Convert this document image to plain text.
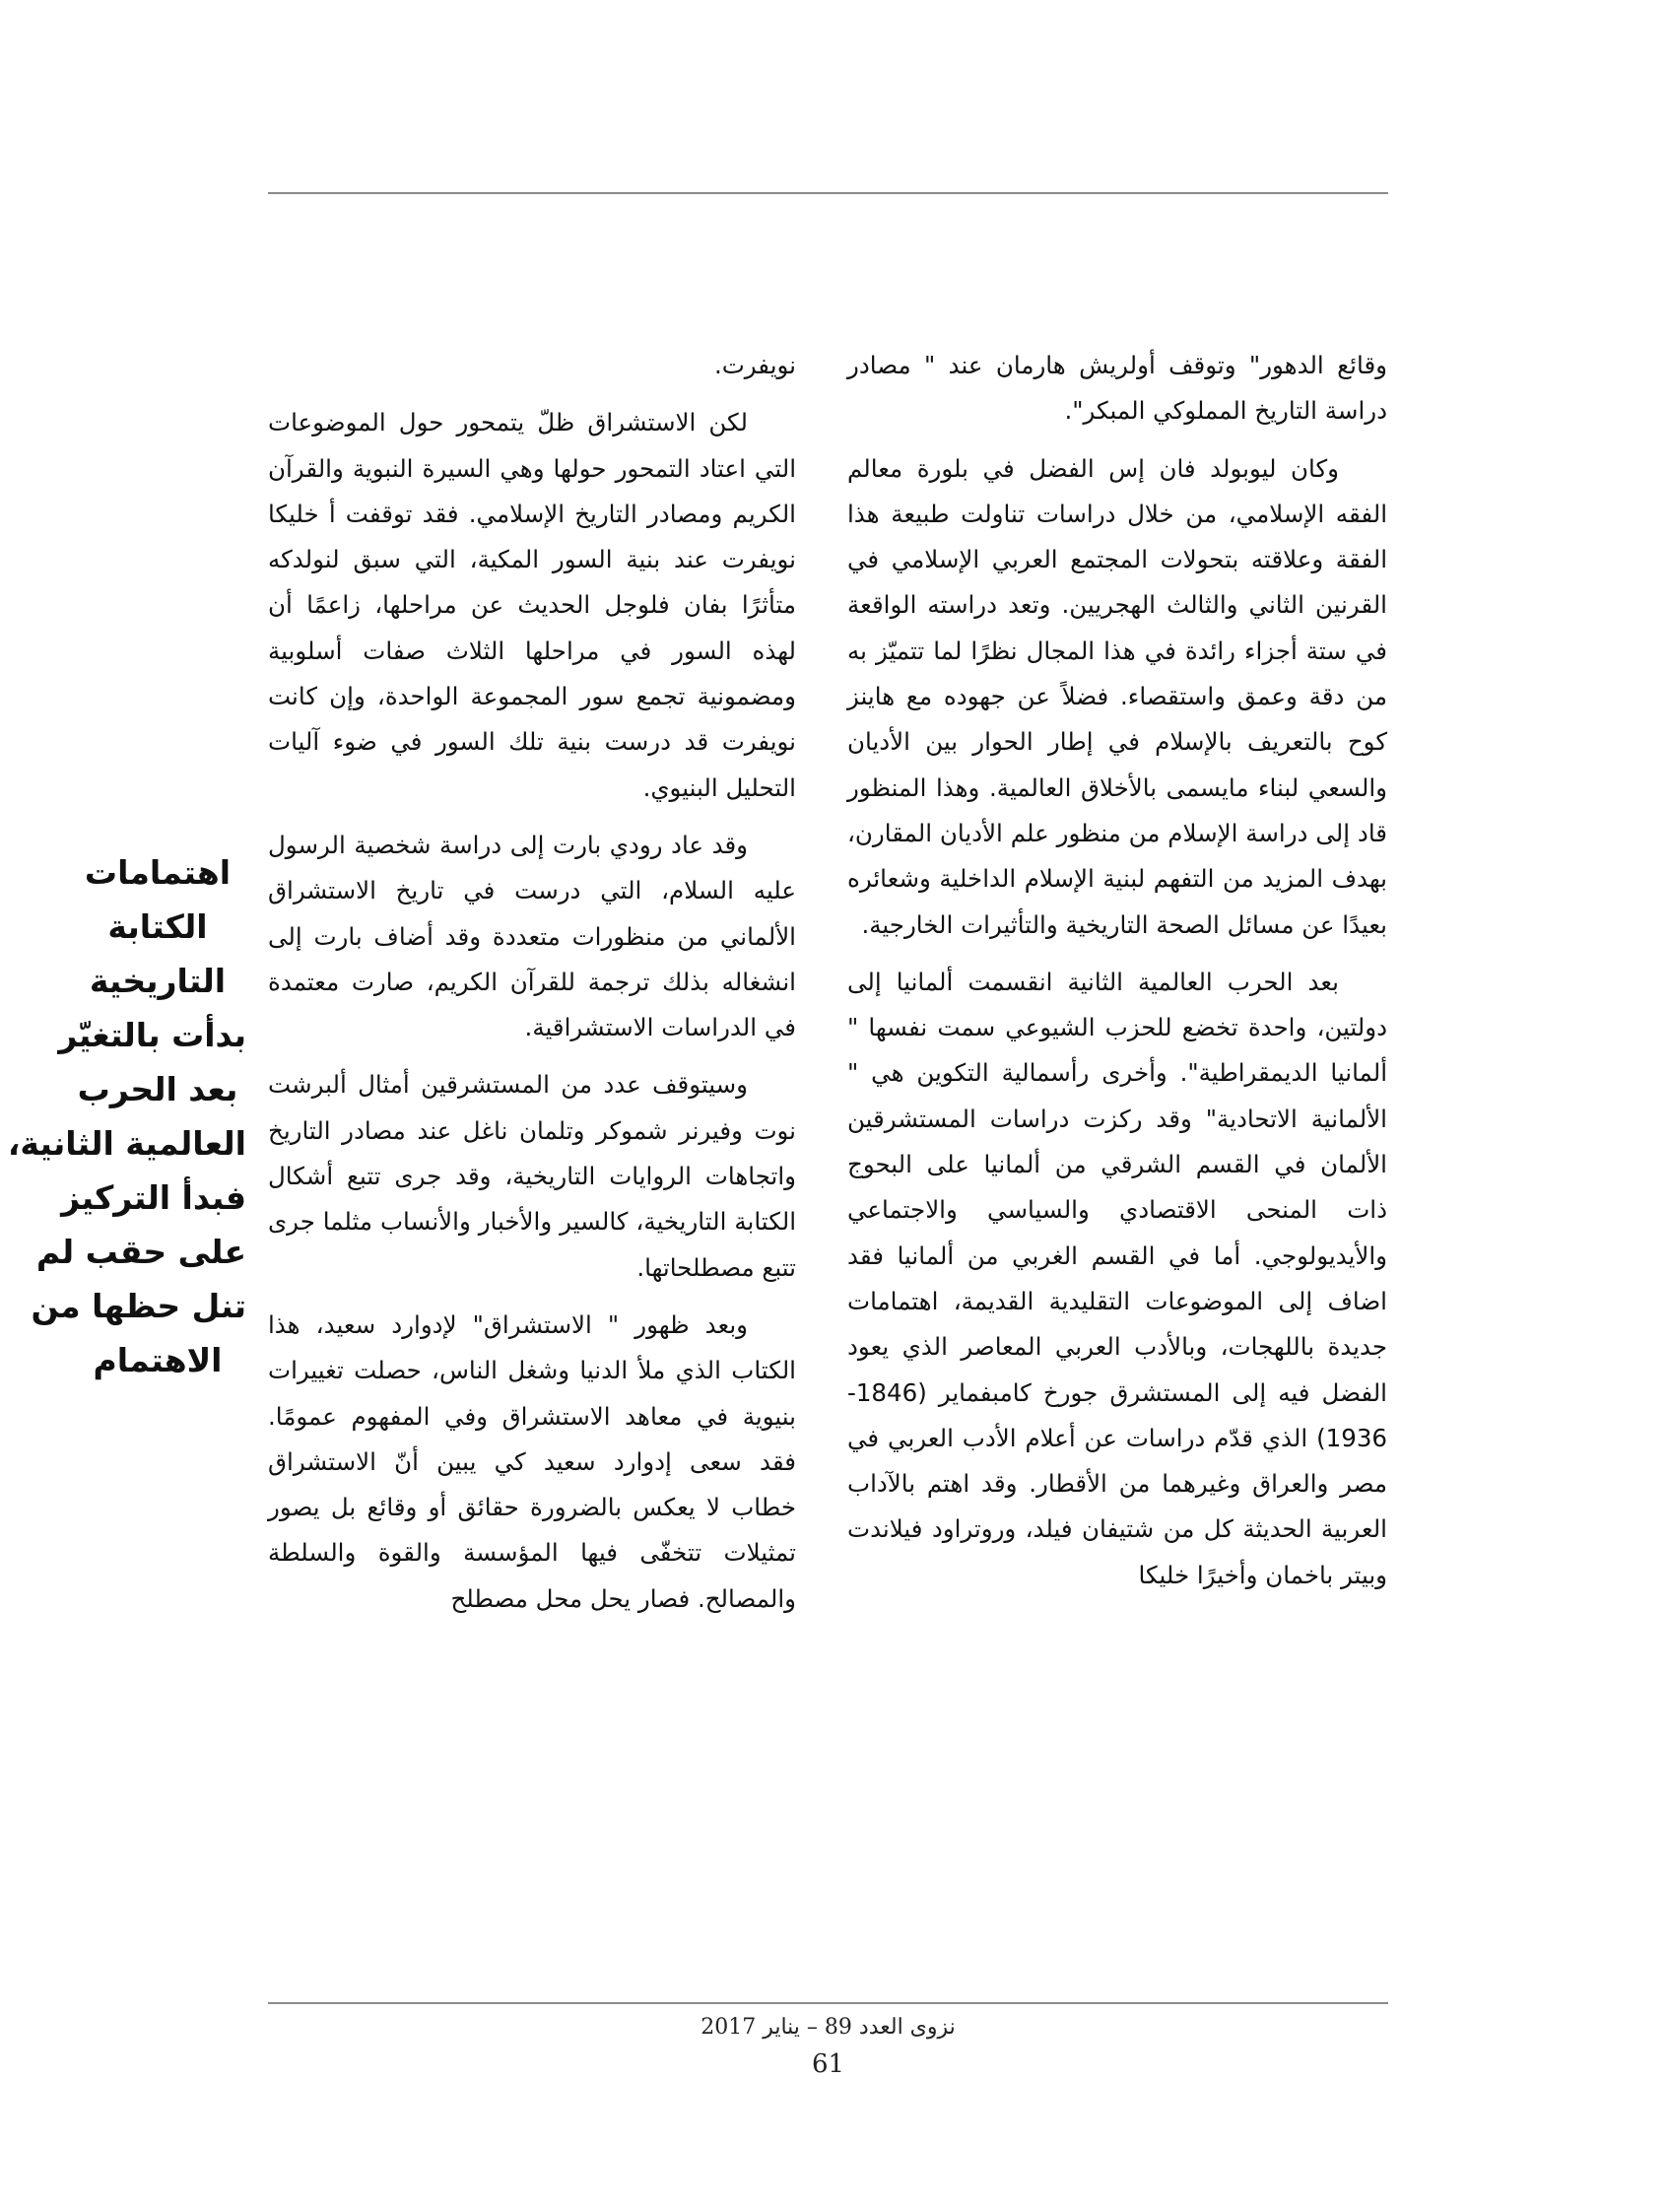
وقائع الدهور" وتوقف أولريش هارمان عند " مصادر دراسة التاريخ المملوكي المبكر".

وكان ليوبولد فان إس الفضل في بلورة معالم الفقه الإسلامي، من خلال دراسات تناولت طبيعة هذا الفقة وعلاقته بتحولات المجتمع العربي الإسلامي في القرنين الثاني والثالث الهجريين. وتعد دراسته الواقعة في ستة أجزاء رائدة في هذا المجال نظرًا لما تتميّز به من دقة وعمق واستقصاء. فضلاً عن جهوده مع هاينز كوح بالتعريف بالإسلام في إطار الحوار بين الأديان والسعي لبناء مايسمى بالأخلاق العالمية. وهذا المنظور قاد إلى دراسة الإسلام من منظور علم الأديان المقارن، بهدف المزيد من التفهم لبنية الإسلام الداخلية وشعائره بعيدًا عن مسائل الصحة التاريخية والتأثيرات الخارجية.

بعد الحرب العالمية الثانية انقسمت ألمانيا إلى دولتين، واحدة تخضع للحزب الشيوعي سمت نفسها " ألمانيا الديمقراطية". وأخرى رأسمالية التكوين هي " الألمانية الاتحادية" وقد ركزت دراسات المستشرقين الألمان في القسم الشرقي من ألمانيا على البحوج ذات المنحى الاقتصادي والسياسي والاجتماعي والأيديولوجي. أما في القسم الغربي من ألمانيا فقد اضاف إلى الموضوعات التقليدية القديمة، اهتمامات جديدة باللهجات، وبالأدب العربي المعاصر الذي يعود الفضل فيه إلى المستشرق جورخ كامبفماير (1846- 1936) الذي قدّم دراسات عن أعلام الأدب العربي في مصر والعراق وغيرهما من الأقطار. وقد اهتم بالآداب العربية الحديثة كل من شتيفان فيلد، وروتراود فيلاندت وبيتر باخمان وأخيرًا خليكا

نويفرت.

لكن الاستشراق ظلّ يتمحور حول الموضوعات التي اعتاد التمحور حولها وهي السيرة النبوية والقرآن الكريم ومصادر التاريخ الإسلامي. فقد توقفت أ خليكا نويفرت عند بنية السور المكية، التي سبق لنولدكه متأثرًا بفان فلوجل الحديث عن مراحلها، زاعمًا أن لهذه السور في مراحلها الثلاث صفات أسلوبية ومضمونية تجمع سور المجموعة الواحدة، وإن كانت نويفرت قد درست بنية تلك السور في ضوء آليات التحليل البنيوي.

وقد عاد رودي بارت إلى دراسة شخصية الرسول عليه السلام، التي درست في تاريخ الاستشراق الألماني من منظورات متعددة وقد أضاف بارت إلى انشغاله بذلك ترجمة للقرآن الكريم، صارت معتمدة في الدراسات الاستشراقية.

وسيتوقف عدد من المستشرقين أمثال ألبرشت نوت وفيرنر شموكر وتلمان ناغل عند مصادر التاريخ واتجاهات الروايات التاريخية، وقد جرى تتبع أشكال الكتابة التاريخية، كالسير والأخبار والأنساب مثلما جرى تتبع مصطلحاتها.

وبعد ظهور " الاستشراق" لإدوارد سعيد، هذا الكتاب الذي ملأ الدنيا وشغل الناس، حصلت تغييرات بنيوية في معاهد الاستشراق وفي المفهوم عمومًا. فقد سعى إدوارد سعيد كي يبين أنّ الاستشراق خطاب لا يعكس بالضرورة حقائق أو وقائع بل يصور تمثيلات تتخفّى فيها المؤسسة والقوة والسلطة والمصالح. فصار يحل محل مصطلح

اهتمامات
الكتابة
التاريخية
بدأت بالتغيّر
بعد الحرب
العالمية الثانية،
فبدأ التركيز
على حقب لم
تنل حظها من
الاهتمام
نزوى العدد 89 – يناير 2017
61
